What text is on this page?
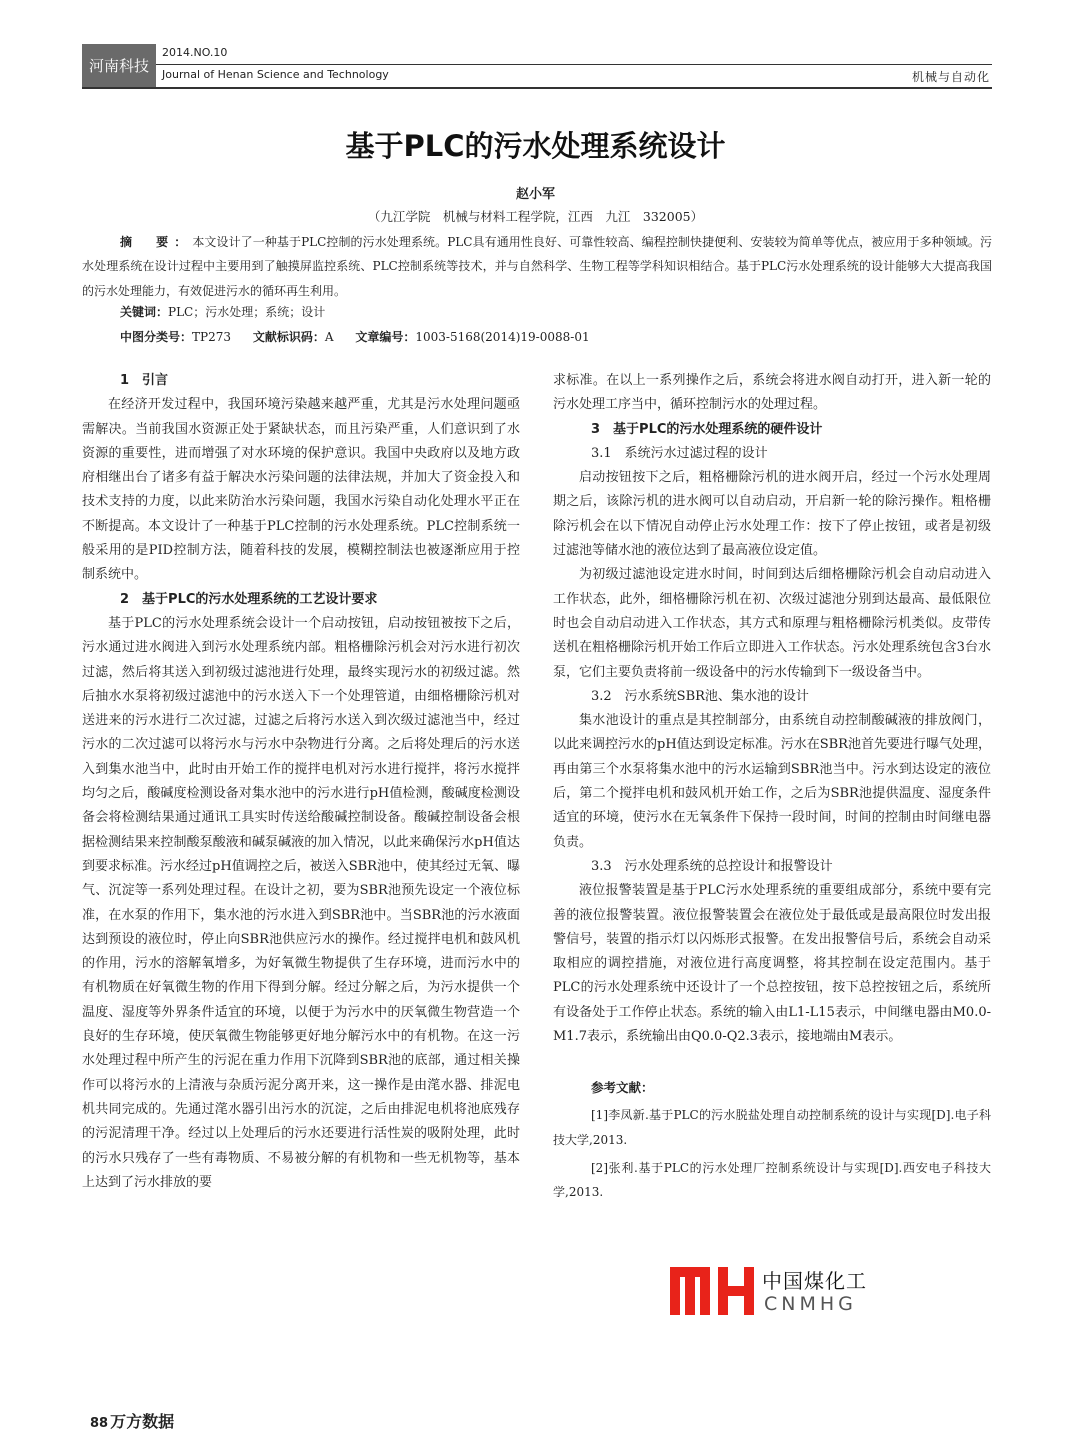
河南科技
2014.NO.10
Journal of Henan Science and Technology	机械与自动化
基于PLC的污水处理系统设计
赵小军
（九江学院　机械与材料工程学院，江西　九江　332005）
摘　要：本文设计了一种基于PLC控制的污水处理系统。PLC具有通用性良好、可靠性较高、编程控制快捷便利、安装较为简单等优点，被应用于多种领域。污水处理系统在设计过程中主要用到了触摸屏监控系统、PLC控制系统等技术，并与自然科学、生物工程等学科知识相结合。基于PLC污水处理系统的设计能够大大提高我国的污水处理能力，有效促进污水的循环再生利用。
关键词：PLC；污水处理；系统；设计
中图分类号：TP273 文献标识码：A 文章编号：1003-5168(2014)19-0088-01
1　引言

在经济开发过程中，我国环境污染越来越严重，尤其是污水处理问题亟需解决。当前我国水资源正处于紧缺状态，而且污染严重，人们意识到了水资源的重要性，进而增强了对水环境的保护意识。我国中央政府以及地方政府相继出台了诸多有益于解决水污染问题的法律法规，并加大了资金投入和技术支持的力度，以此来防治水污染问题，我国水污染自动化处理水平正在不断提高。本文设计了一种基于PLC控制的污水处理系统。PLC控制系统一般采用的是PID控制方法，随着科技的发展，模糊控制法也被逐渐应用于控制系统中。

2　基于PLC的污水处理系统的工艺设计要求

基于PLC的污水处理系统会设计一个启动按钮，启动按钮被按下之后，污水通过进水阀进入到污水处理系统内部。粗格栅除污机会对污水进行初次过滤，然后将其送入到初级过滤池进行处理，最终实现污水的初级过滤。然后抽水水泵将初级过滤池中的污水送入下一个处理管道，由细格栅除污机对送进来的污水进行二次过滤，过滤之后将污水送入到次级过滤池当中，经过污水的二次过滤可以将污水与污水中杂物进行分离。之后将处理后的污水送入到集水池当中，此时由开始工作的搅拌电机对污水进行搅拌，将污水搅拌均匀之后，酸碱度检测设备对集水池中的污水进行pH值检测，酸碱度检测设备会将检测结果通过通讯工具实时传送给酸碱控制设备。酸碱控制设备会根据检测结果来控制酸泵酸液和碱泵碱液的加入情况，以此来确保污水pH值达到要求标准。污水经过pH值调控之后，被送入SBR池中，使其经过无氧、曝气、沉淀等一系列处理过程。在设计之初，要为SBR池预先设定一个液位标准，在水泵的作用下，集水池的污水进入到SBR池中。当SBR池的污水液面达到预设的液位时，停止向SBR池供应污水的操作。经过搅拌电机和鼓风机的作用，污水的溶解氧增多，为好氧微生物提供了生存环境，进而污水中的有机物质在好氧微生物的作用下得到分解。经过分解之后，为污水提供一个温度、湿度等外界条件适宜的环境，以便于为污水中的厌氧微生物营造一个良好的生存环境，使厌氧微生物能够更好地分解污水中的有机物。在这一污水处理过程中所产生的污泥在重力作用下沉降到SBR池的底部，通过相关操作可以将污水的上清液与杂质污泥分离开来，这一操作是由滗水器、排泥电机共同完成的。先通过滗水器引出污水的沉淀，之后由排泥电机将池底残存的污泥清理干净。经过以上处理后的污水还要进行活性炭的吸附处理，此时的污水只残存了一些有毒物质、不易被分解的有机物和一些无机物等，基本上达到了污水排放的要

求标准。在以上一系列操作之后，系统会将进水阀自动打开，进入新一轮的污水处理工序当中，循环控制污水的处理过程。

3　基于PLC的污水处理系统的硬件设计
3.1　系统污水过滤过程的设计

启动按钮按下之后，粗格栅除污机的进水阀开启，经过一个污水处理周期之后，该除污机的进水阀可以自动启动，开启新一轮的除污操作。粗格栅除污机会在以下情况自动停止污水处理工作：按下了停止按钮，或者是初级过滤池等储水池的液位达到了最高液位设定值。

为初级过滤池设定进水时间，时间到达后细格栅除污机会自动启动进入工作状态，此外，细格栅除污机在初、次级过滤池分别到达最高、最低限位时也会自动启动进入工作状态，其方式和原理与粗格栅除污机类似。皮带传送机在粗格栅除污机开始工作后立即进入工作状态。污水处理系统包含3台水泵，它们主要负责将前一级设备中的污水传输到下一级设备当中。

3.2　污水系统SBR池、集水池的设计

集水池设计的重点是其控制部分，由系统自动控制酸碱液的排放阀门，以此来调控污水的pH值达到设定标准。污水在SBR池首先要进行曝气处理，再由第三个水泵将集水池中的污水运输到SBR池当中。污水到达设定的液位后，第二个搅拌电机和鼓风机开始工作，之后为SBR池提供温度、湿度条件适宜的环境，使污水在无氧条件下保持一段时间，时间的控制由时间继电器负责。

3.3　污水处理系统的总控设计和报警设计

液位报警装置是基于PLC污水处理系统的重要组成部分，系统中要有完善的液位报警装置。液位报警装置会在液位处于最低或是最高限位时发出报警信号，装置的指示灯以闪烁形式报警。在发出报警信号后，系统会自动采取相应的调控措施，对液位进行高度调整，将其控制在设定范围内。基于PLC的污水处理系统中还设计了一个总控按钮，按下总控按钮之后，系统所有设备处于工作停止状态。系统的输入由L1-L15表示，中间继电器由M0.0-M1.7表示，系统输出由Q0.0-Q2.3表示，接地端由M表示。

参考文献：
[1]李凤新.基于PLC的污水脱盐处理自动控制系统的设计与实现[D].电子科技大学,2013.
[2]张利.基于PLC的污水处理厂控制系统设计与实现[D].西安电子科技大学,2013.
中国煤化工
CNMHG
88 万方数据
